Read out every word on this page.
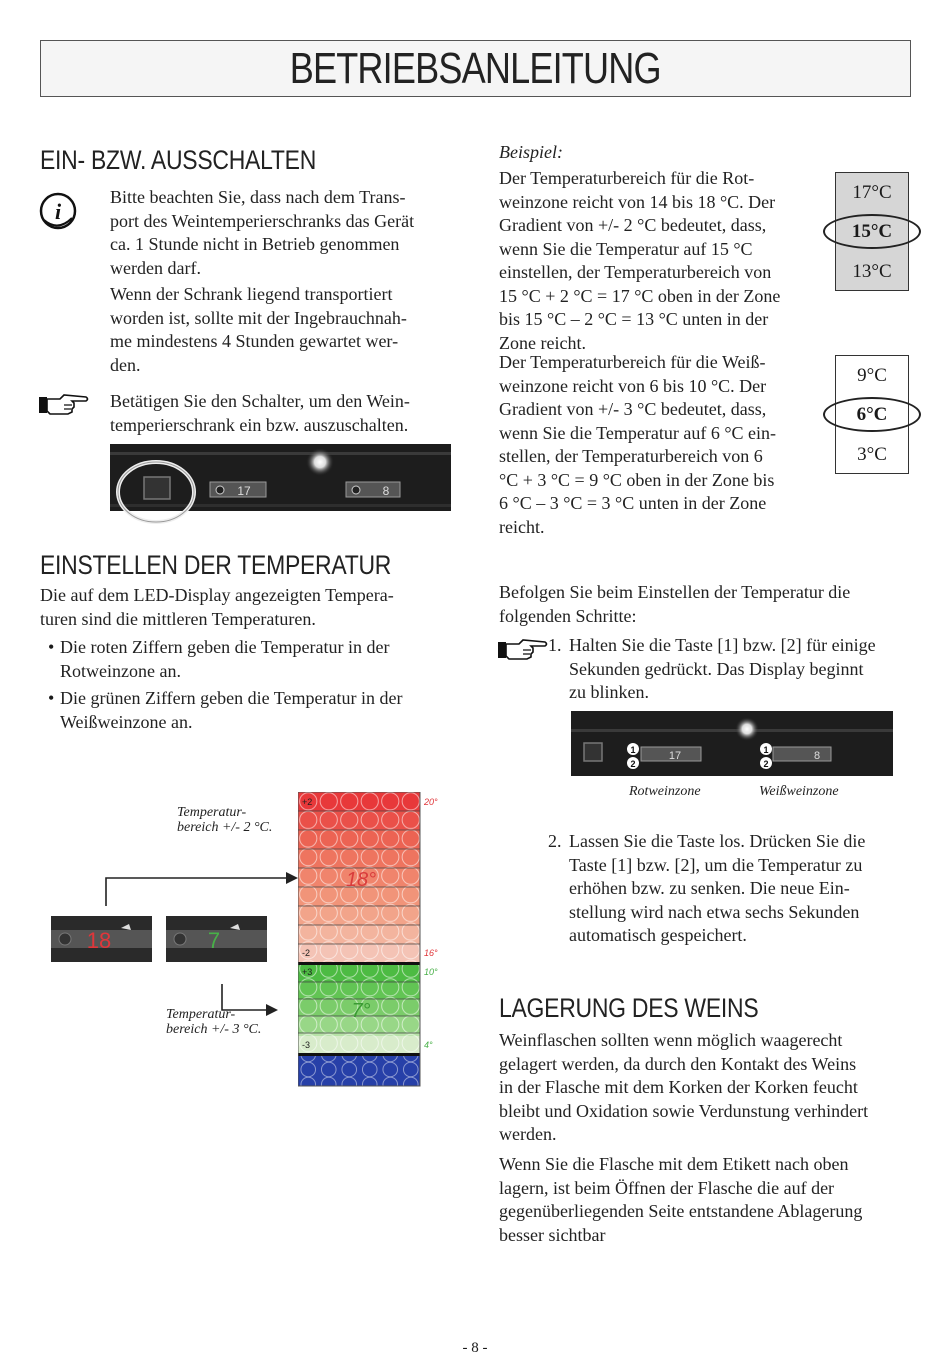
BETRIEBSANLEITUNG
EIN- BZW. AUSSCHALTEN
i
Bitte beachten Sie, dass nach dem Trans-
port des Weintemperierschranks das Gerät
ca. 1 Stunde nicht in Betrieb genommen
werden darf.
Wenn der Schrank liegend transportiert
worden ist, sollte mit der Ingebrauchnah-
me mindestens 4 Stunden gewartet wer-
den.
Betätigen Sie den Schalter, um den Wein-
temperierschrank ein bzw. auszuschalten.
17	8
EINSTELLEN DER TEMPERATUR
Die auf dem LED-Display angezeigten Tempera-
turen sind die mittleren Temperaturen.
• Die roten Ziffern geben die Temperatur in der
Rotweinzone an.
• Die grünen Ziffern geben die Temperatur in der
Weißweinzone an.
Temperatur-
bereich +/- 2 °C.
Temperatur-
bereich +/- 3 °C.
18	7
18°
7°
+2
-2
+3
-3
20°
16°
10°
4°
Beispiel:
Der Temperaturbereich für die Rot-
weinzone reicht von 14 bis 18 °C. Der
Gradient von +/- 2 °C bedeutet, dass,
wenn Sie die Temperatur auf 15 °C
einstellen, der Temperaturbereich von
15 °C + 2 °C = 17 °C oben in der Zone
bis 15 °C – 2 °C = 13 °C unten in der
Zone reicht.
17°C
15°C
13°C
Der Temperaturbereich für die Weiß-
weinzone reicht von 6 bis 10 °C. Der
Gradient von +/- 3 °C bedeutet, dass,
wenn Sie die Temperatur auf 6 °C ein-
stellen, der Temperaturbereich von 6
°C + 3 °C = 9 °C oben in der Zone bis
6 °C – 3 °C = 3 °C unten in der Zone
reicht.
9°C
6°C
3°C
Befolgen Sie beim Einstellen der Temperatur die
folgenden Schritte:
1. Halten Sie die Taste [1] bzw. [2] für einige
Sekunden gedrückt. Das Display beginnt
zu blinken.
17	8
1
2
1
2
Rotweinzone	Weißweinzone
2. Lassen Sie die Taste los. Drücken Sie die
Taste [1] bzw. [2], um die Temperatur zu
erhöhen bzw. zu senken. Die neue Ein-
stellung wird nach etwa sechs Sekunden
automatisch gespeichert.
LAGERUNG DES WEINS
Weinflaschen sollten wenn möglich waagerecht
gelagert werden, da durch den Kontakt des Weins
in der Flasche mit dem Korken der Korken feucht
bleibt und Oxidation sowie Verdunstung verhindert
werden.
Wenn Sie die Flasche mit dem Etikett nach oben
lagern, ist beim Öffnen der Flasche die auf der
gegenüberliegenden Seite entstandene Ablagerung
besser sichtbar
- 8 -
